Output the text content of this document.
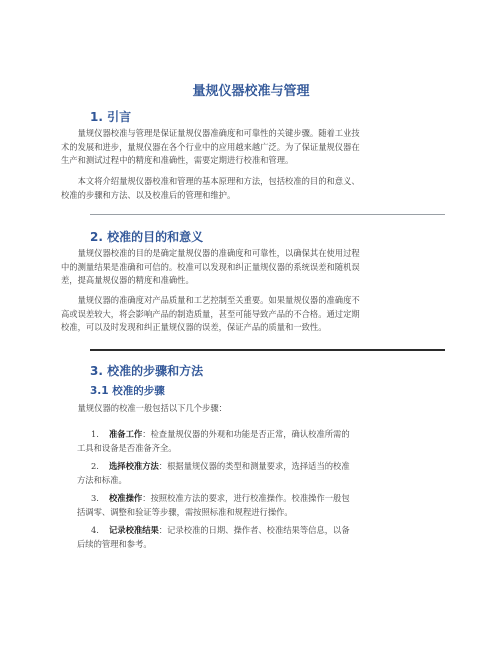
量规仪器校准与管理
1. 引言
量规仪器校准与管理是保证量规仪器准确度和可靠性的关键步骤。随着工业技
术的发展和进步，量规仪器在各个行业中的应用越来越广泛。为了保证量规仪器在
生产和测试过程中的精度和准确性，需要定期进行校准和管理。
本文将介绍量规仪器校准和管理的基本原理和方法，包括校准的目的和意义、
校准的步骤和方法、以及校准后的管理和维护。
2. 校准的目的和意义
量规仪器校准的目的是确定量规仪器的准确度和可靠性，以确保其在使用过程
中的测量结果是准确和可信的。校准可以发现和纠正量规仪器的系统误差和随机误
差，提高量规仪器的精度和准确性。
量规仪器的准确度对产品质量和工艺控制至关重要。如果量规仪器的准确度不
高或误差较大，将会影响产品的制造质量，甚至可能导致产品的不合格。通过定期
校准，可以及时发现和纠正量规仪器的误差，保证产品的质量和一致性。
3. 校准的步骤和方法
3.1 校准的步骤
量规仪器的校准一般包括以下几个步骤：
1. 准备工作：检查量规仪器的外观和功能是否正常，确认校准所需的
工具和设备是否准备齐全。
2. 选择校准方法：根据量规仪器的类型和测量要求，选择适当的校准
方法和标准。
3. 校准操作：按照校准方法的要求，进行校准操作。校准操作一般包
括调零、调整和验证等步骤，需按照标准和规程进行操作。
4. 记录校准结果：记录校准的日期、操作者、校准结果等信息，以备
后续的管理和参考。
